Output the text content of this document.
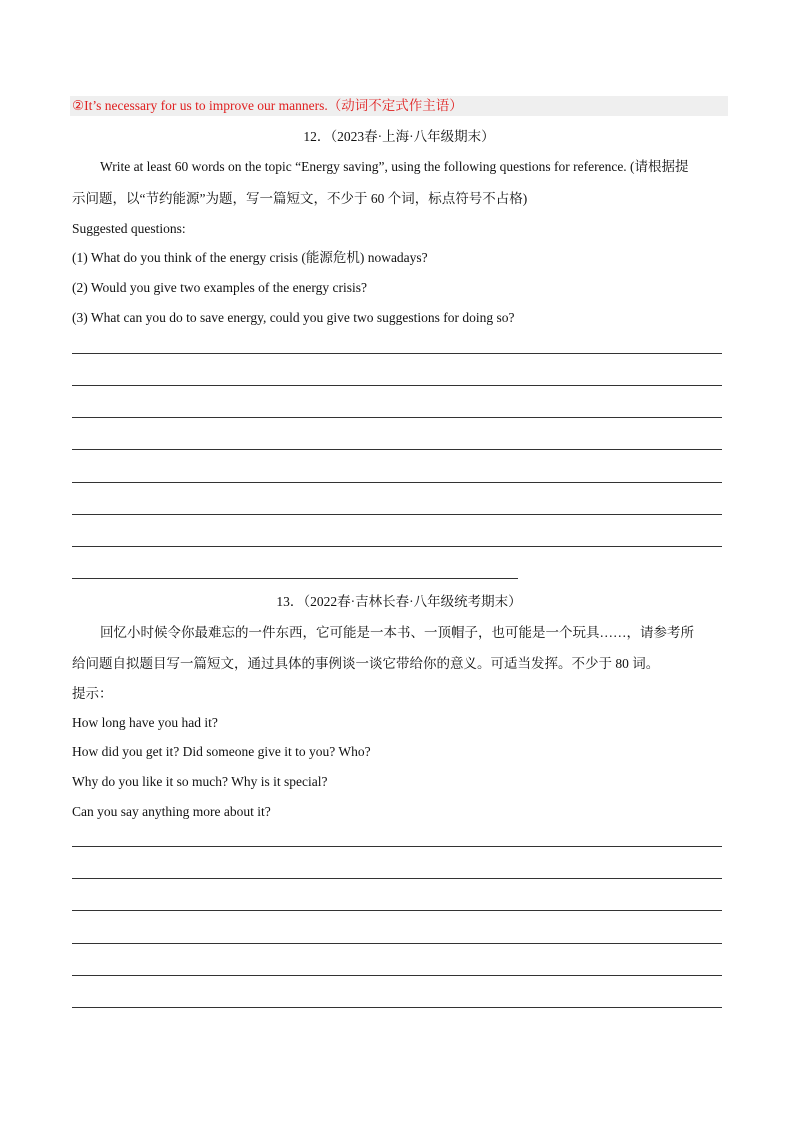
②It’s necessary for us to improve our manners.（动词不定式作主语）
12．（2023春·上海·八年级期末）
Write at least 60 words on the topic “Energy saving”, using the following questions for reference. (请根据提
示问题，以“节约能源”为题，写一篇短文，不少于 60 个词，标点符号不占格)
Suggested questions:
(1) What do you think of the energy crisis (能源危机) nowadays?
(2) Would you give two examples of the energy crisis?
(3) What can you do to save energy, could you give two suggestions for doing so?
13．（2022春·吉林长春·八年级统考期末）
回忆小时候令你最难忘的一件东西，它可能是一本书、一顶帽子，也可能是一个玩具……，请参考所
给问题自拟题目写一篇短文，通过具体的事例谈一谈它带给你的意义。可适当发挥。不少于 80 词。
提示：
How long have you had it?
How did you get it? Did someone give it to you? Who?
Why do you like it so much? Why is it special?
Can you say anything more about it?
